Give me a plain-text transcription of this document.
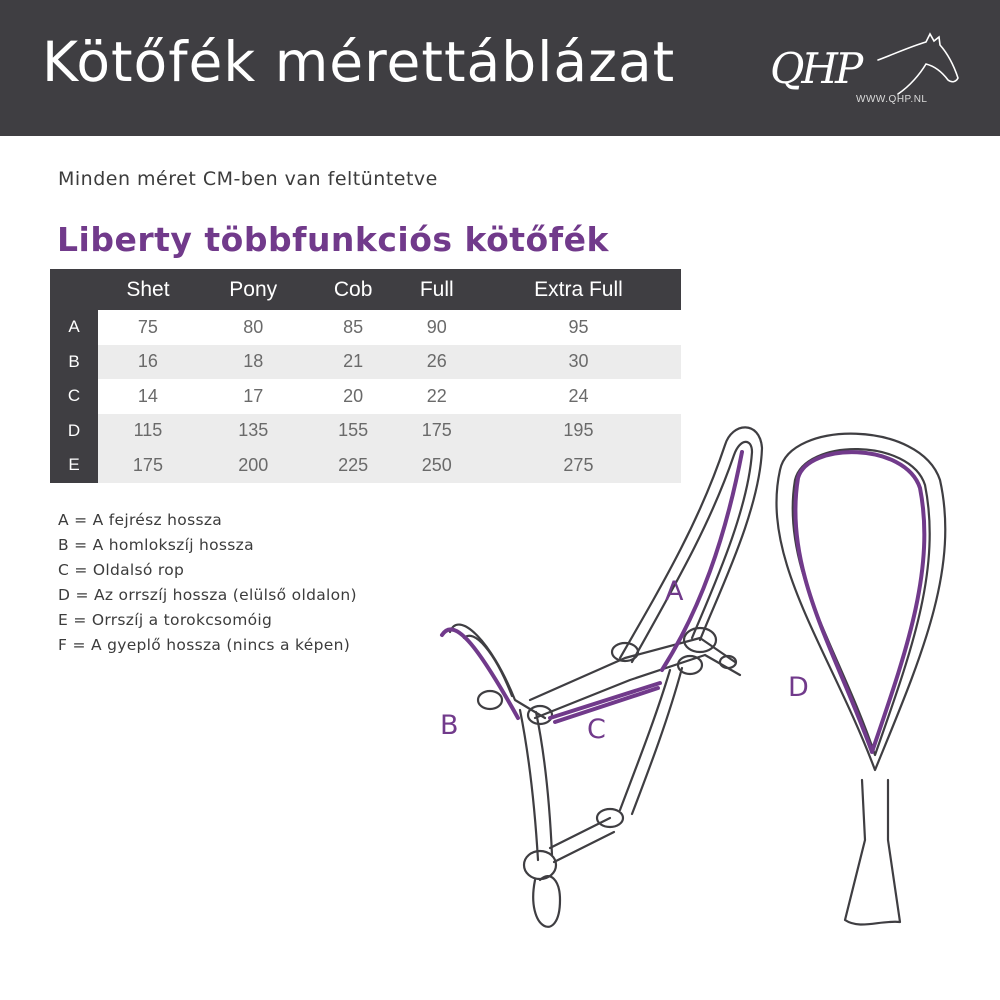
Kötőfék mérettáblázat QHP
WWW.QHP.NL
Minden méret CM-ben van feltüntetve
Liberty többfunkciós kötőfék
	Shet	Pony	Cob	Full	Extra Full
A	75	80	85	90	95
B	16	18	21	26	30
C	14	17	20	22	24
D	115	135	155	175	195
E	175	200	225	250	275
A = A fejrész hossza
B = A homlokszíj hossza
C = Oldalsó rop
D = Az orrszíj hossza (elülső oldalon)
E = Orrszíj a torokcsomóig
F = A gyeplő hossza (nincs a képen)
A
B	C
D
